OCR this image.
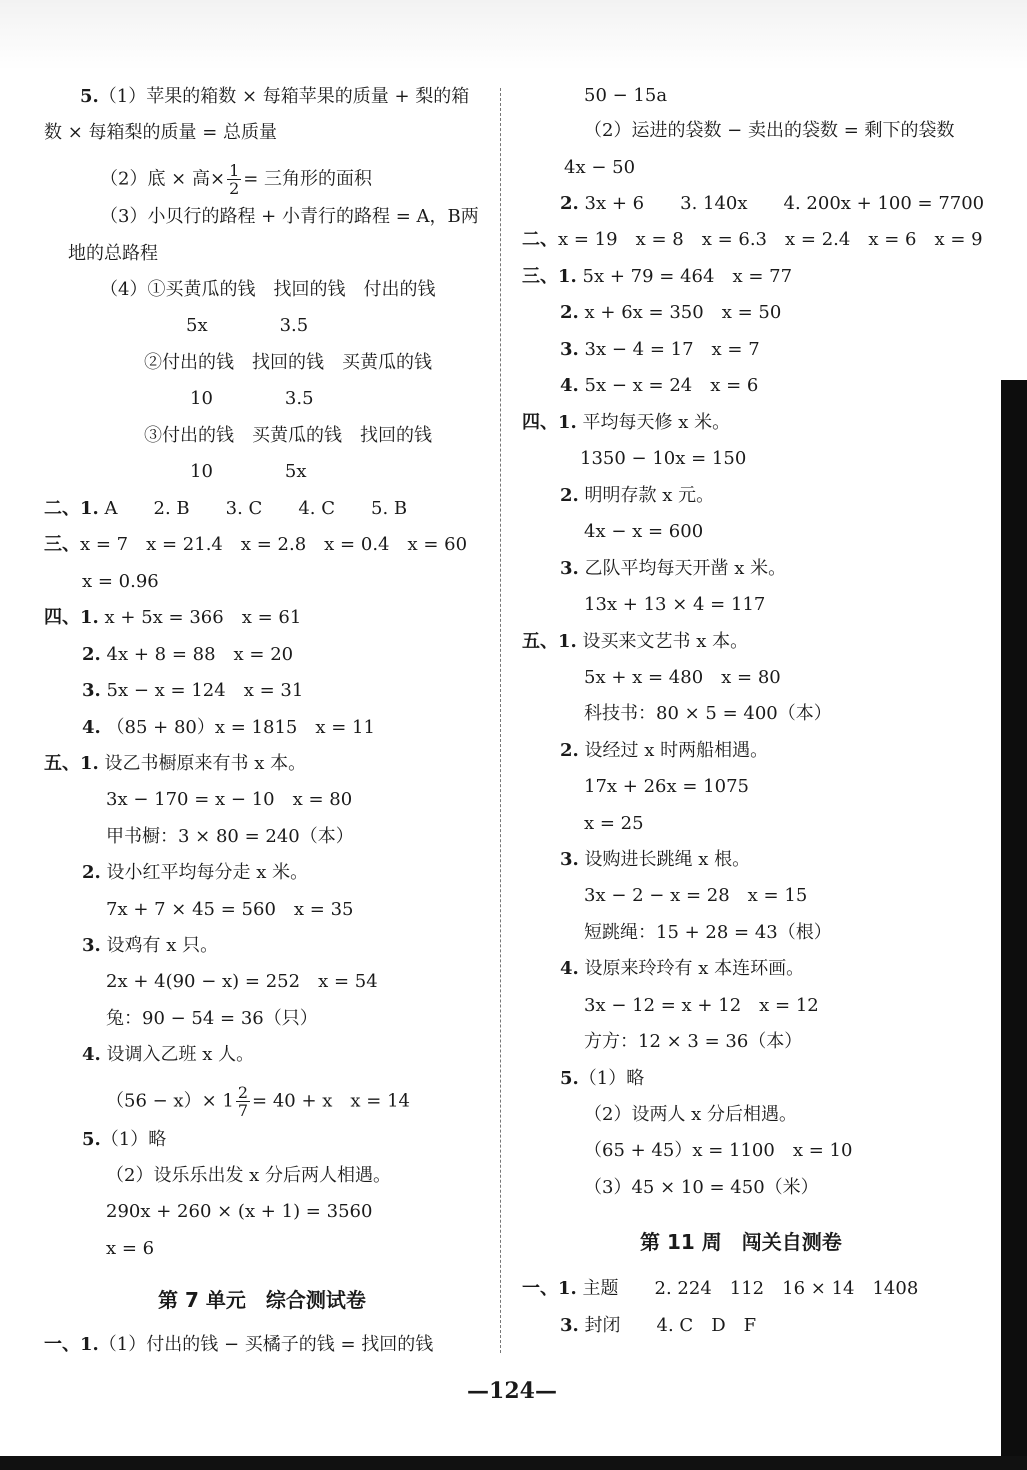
5.（1）苹果的箱数 × 每箱苹果的质量 + 梨的箱
数 × 每箱梨的质量 = 总质量
（2）底 × 高× $\frac{1}{2}$ = 三角形的面积
（3）小贝行的路程 + 小青行的路程 = A，B两
地的总路程
（4）①买黄瓜的钱　找回的钱　付出的钱
5x　　　　3.5
②付出的钱　找回的钱　买黄瓜的钱
10　　　　3.5
③付出的钱　买黄瓜的钱　找回的钱
10　　　　5x
二、1. A　　2. B　　3. C　　4. C　　5. B
三、x = 7　x = 21.4　x = 2.8　x = 0.4　x = 60
x = 0.96
四、1. x + 5x = 366　x = 61
2. 4x + 8 = 88　x = 20
3. 5x − x = 124　x = 31
4. （85 + 80）x = 1815　x = 11
五、1. 设乙书橱原来有书 x 本。
3x − 170 = x − 10　x = 80
甲书橱：3 × 80 = 240（本）
2. 设小红平均每分走 x 米。
7x + 7 × 45 = 560　x = 35
3. 设鸡有 x 只。
2x + 4(90 − x) = 252　x = 54
兔：90 − 54 = 36（只）
4. 设调入乙班 x 人。
$(56 - x)\times 1 \frac{2}{7} = 40 + x$　x = 14
5.（1）略
（2）设乐乐出发 x 分后两人相遇。
290x + 260 × (x + 1) = 3560
x = 6
第 7 单元　综合测试卷
一、1.（1）付出的钱 − 买橘子的钱 = 找回的钱
50 − 15a
（2）运进的袋数 − 卖出的袋数 = 剩下的袋数
4x − 50
2. 3x + 6　　3. 140x　　4. 200x + 100 = 7700
二、x = 19　x = 8　x = 6.3　x = 2.4　x = 6　x = 9
三、1. 5x + 79 = 464　x = 77
2. x + 6x = 350　x = 50
3. 3x − 4 = 17　x = 7
4. 5x − x = 24　x = 6
四、1. 平均每天修 x 米。
1350 − 10x = 150
2. 明明存款 x 元。
4x − x = 600
3. 乙队平均每天开凿 x 米。
13x + 13 × 4 = 117
五、1. 设买来文艺书 x 本。
5x + x = 480　x = 80
科技书：80 × 5 = 400（本）
2. 设经过 x 时两船相遇。
17x + 26x = 1075
x = 25
3. 设购进长跳绳 x 根。
3x − 2 − x = 28　x = 15
短跳绳：15 + 28 = 43（根）
4. 设原来玲玲有 x 本连环画。
3x − 12 = x + 12　x = 12
方方：12 × 3 = 36（本）
5.（1）略
（2）设两人 x 分后相遇。
（65 + 45）x = 1100　x = 10
（3）45 × 10 = 450（米）
第 11 周　闯关自测卷
一、1. 主题　　2. 224　112　16 × 14　1408
3. 封闭　　4. C　D　F
—124—
